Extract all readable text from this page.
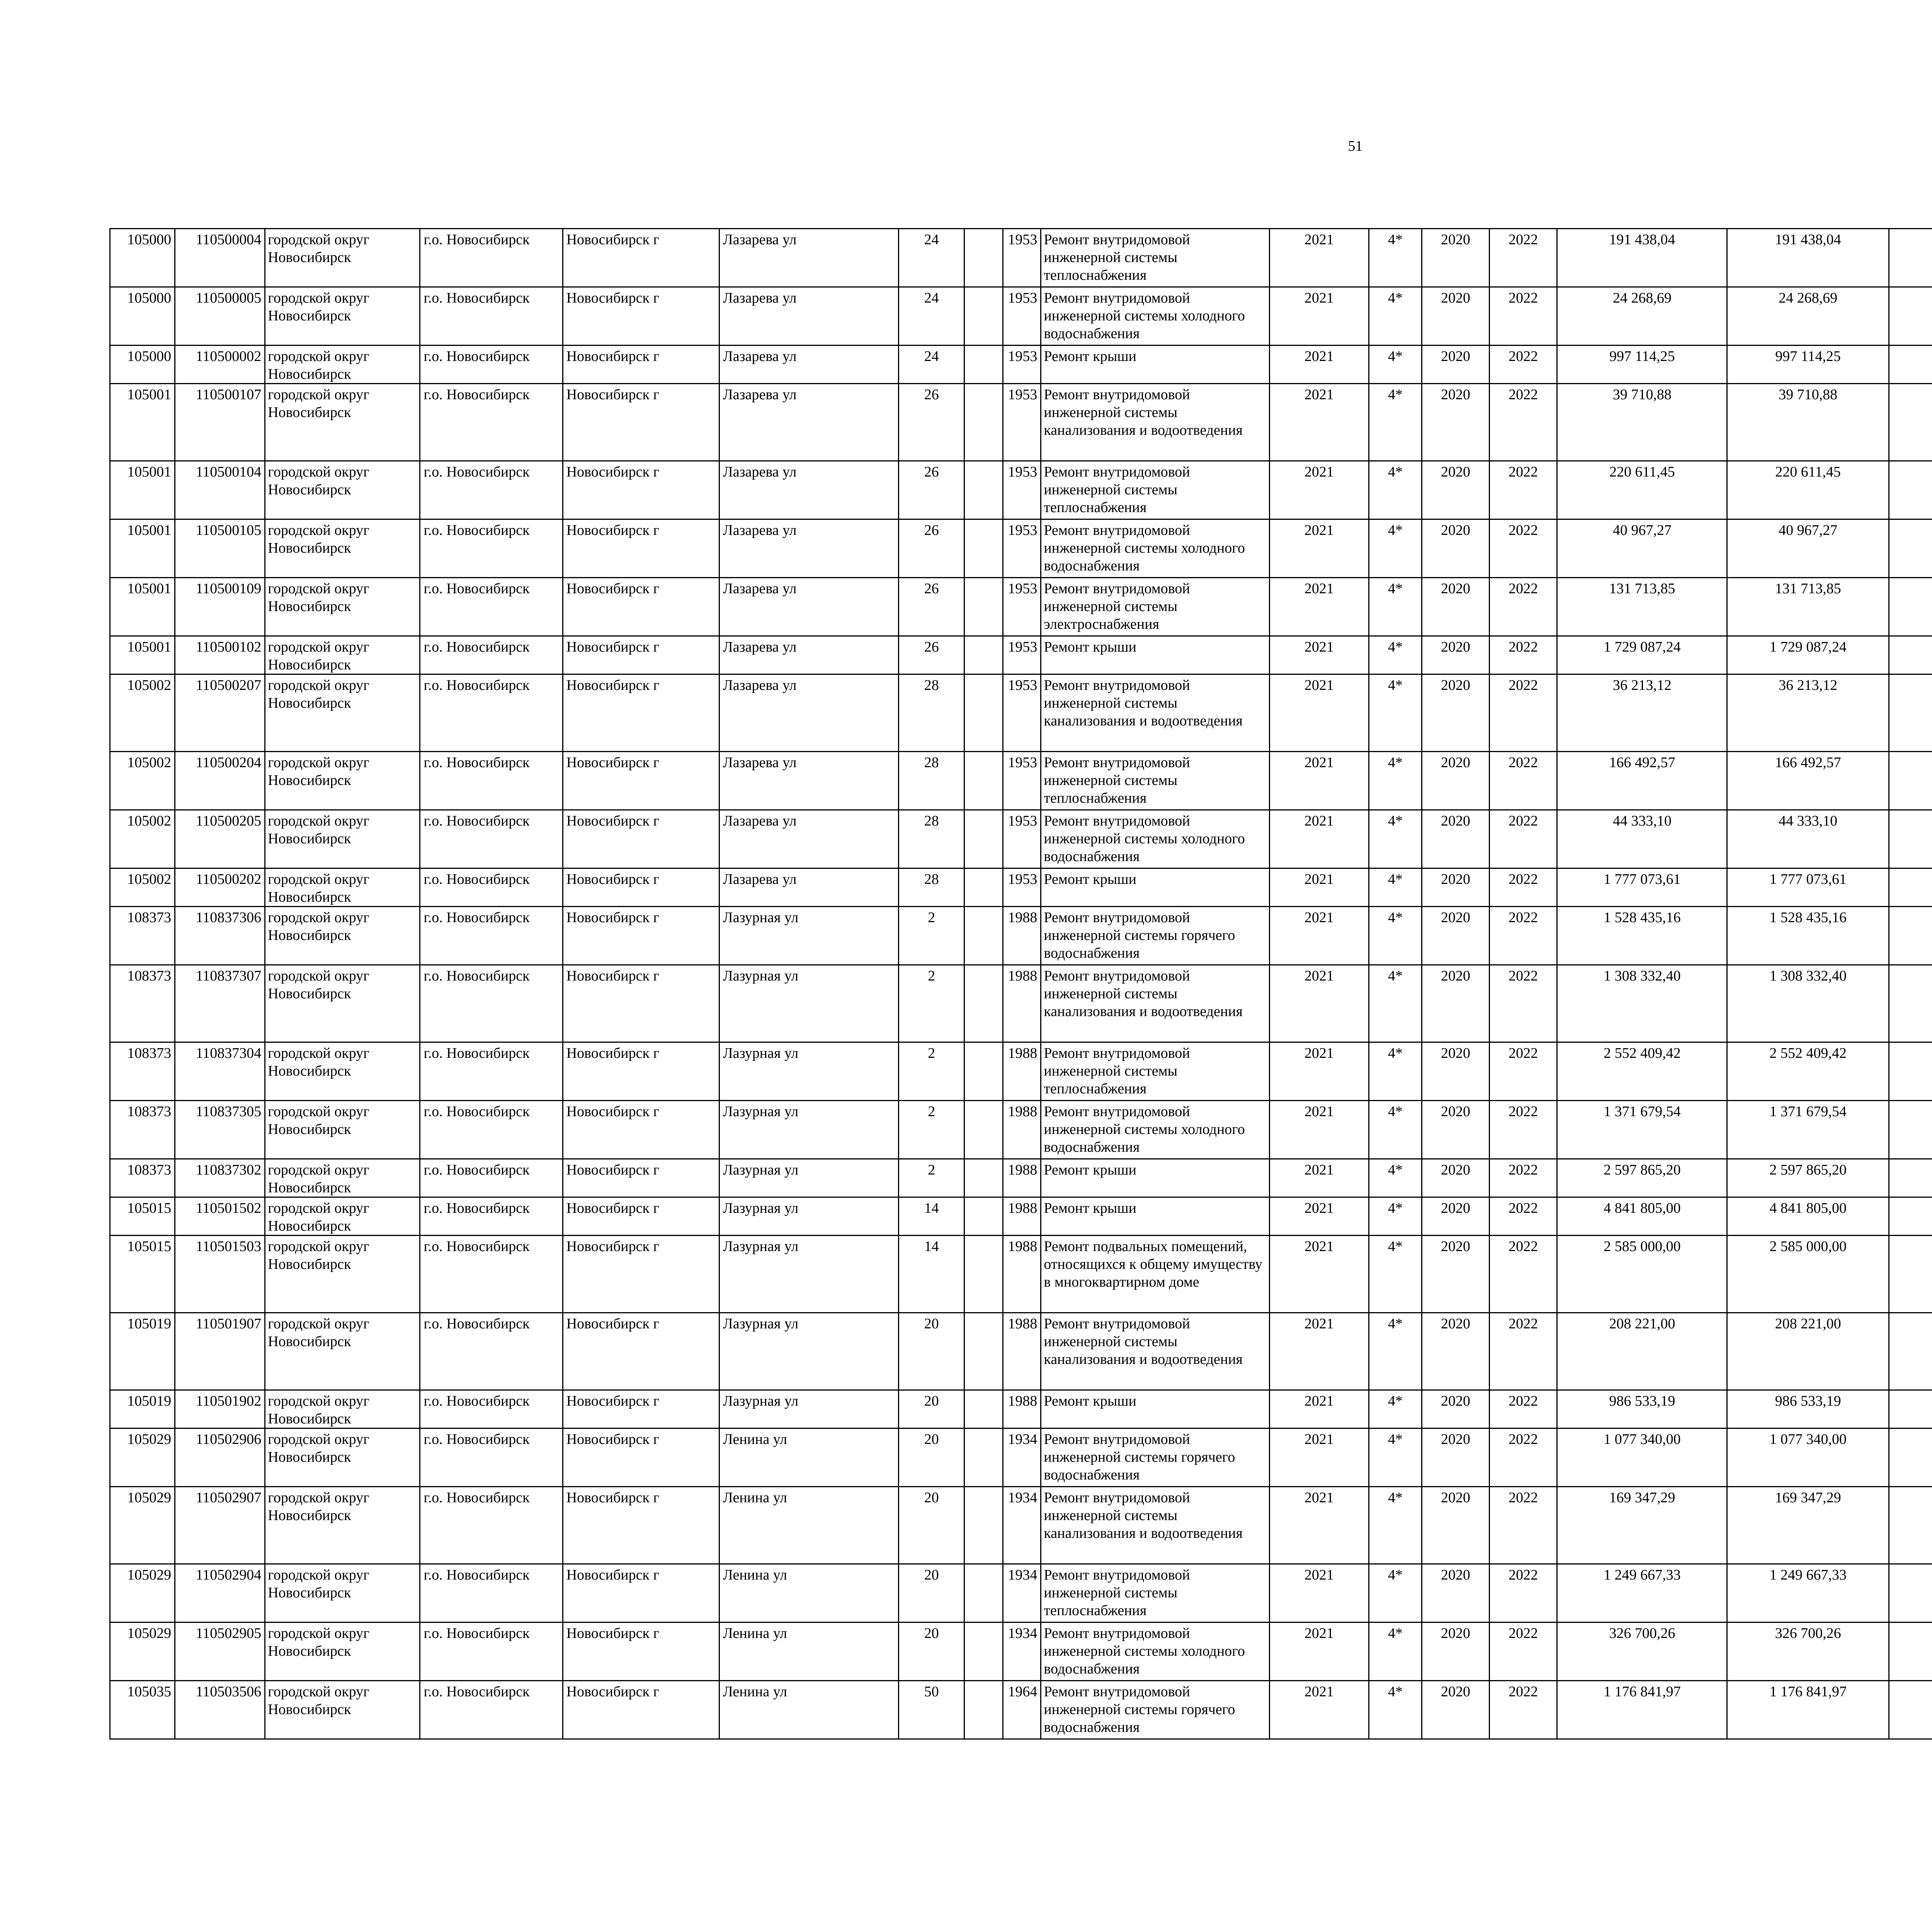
51
105000	110500004	городской округ Новосибирск	г.о. Новосибирск	Новосибирск г	Лазарева ул	24		1953	Ремонт внутридомовой инженерной системы теплоснабжения	2021	4*	2020	2022	191 438,04	191 438,04						
105000	110500005	городской округ Новосибирск	г.о. Новосибирск	Новосибирск г	Лазарева ул	24		1953	Ремонт внутридомовой инженерной системы холодного водоснабжения	2021	4*	2020	2022	24 268,69	24 268,69						
105000	110500002	городской округ Новосибирск	г.о. Новосибирск	Новосибирск г	Лазарева ул	24		1953	Ремонт крыши	2021	4*	2020	2022	997 114,25	997 114,25						
105001	110500107	городской округ Новосибирск	г.о. Новосибирск	Новосибирск г	Лазарева ул	26		1953	Ремонт внутридомовой инженерной системы канализования и водоотведения	2021	4*	2020	2022	39 710,88	39 710,88						
105001	110500104	городской округ Новосибирск	г.о. Новосибирск	Новосибирск г	Лазарева ул	26		1953	Ремонт внутридомовой инженерной системы теплоснабжения	2021	4*	2020	2022	220 611,45	220 611,45						
105001	110500105	городской округ Новосибирск	г.о. Новосибирск	Новосибирск г	Лазарева ул	26		1953	Ремонт внутридомовой инженерной системы холодного водоснабжения	2021	4*	2020	2022	40 967,27	40 967,27						
105001	110500109	городской округ Новосибирск	г.о. Новосибирск	Новосибирск г	Лазарева ул	26		1953	Ремонт внутридомовой инженерной системы электроснабжения	2021	4*	2020	2022	131 713,85	131 713,85						
105001	110500102	городской округ Новосибирск	г.о. Новосибирск	Новосибирск г	Лазарева ул	26		1953	Ремонт крыши	2021	4*	2020	2022	1 729 087,24	1 729 087,24						
105002	110500207	городской округ Новосибирск	г.о. Новосибирск	Новосибирск г	Лазарева ул	28		1953	Ремонт внутридомовой инженерной системы канализования и водоотведения	2021	4*	2020	2022	36 213,12	36 213,12						
105002	110500204	городской округ Новосибирск	г.о. Новосибирск	Новосибирск г	Лазарева ул	28		1953	Ремонт внутридомовой инженерной системы теплоснабжения	2021	4*	2020	2022	166 492,57	166 492,57						
105002	110500205	городской округ Новосибирск	г.о. Новосибирск	Новосибирск г	Лазарева ул	28		1953	Ремонт внутридомовой инженерной системы холодного водоснабжения	2021	4*	2020	2022	44 333,10	44 333,10						
105002	110500202	городской округ Новосибирск	г.о. Новосибирск	Новосибирск г	Лазарева ул	28		1953	Ремонт крыши	2021	4*	2020	2022	1 777 073,61	1 777 073,61						
108373	110837306	городской округ Новосибирск	г.о. Новосибирск	Новосибирск г	Лазурная ул	2		1988	Ремонт внутридомовой инженерной системы горячего водоснабжения	2021	4*	2020	2022	1 528 435,16	1 528 435,16						
108373	110837307	городской округ Новосибирск	г.о. Новосибирск	Новосибирск г	Лазурная ул	2		1988	Ремонт внутридомовой инженерной системы канализования и водоотведения	2021	4*	2020	2022	1 308 332,40	1 308 332,40						
108373	110837304	городской округ Новосибирск	г.о. Новосибирск	Новосибирск г	Лазурная ул	2		1988	Ремонт внутридомовой инженерной системы теплоснабжения	2021	4*	2020	2022	2 552 409,42	2 552 409,42						
108373	110837305	городской округ Новосибирск	г.о. Новосибирск	Новосибирск г	Лазурная ул	2		1988	Ремонт внутридомовой инженерной системы холодного водоснабжения	2021	4*	2020	2022	1 371 679,54	1 371 679,54						
108373	110837302	городской округ Новосибирск	г.о. Новосибирск	Новосибирск г	Лазурная ул	2		1988	Ремонт крыши	2021	4*	2020	2022	2 597 865,20	2 597 865,20						
105015	110501502	городской округ Новосибирск	г.о. Новосибирск	Новосибирск г	Лазурная ул	14		1988	Ремонт крыши	2021	4*	2020	2022	4 841 805,00	4 841 805,00						
105015	110501503	городской округ Новосибирск	г.о. Новосибирск	Новосибирск г	Лазурная ул	14		1988	Ремонт подвальных помещений, относящихся к общему имуществу в многоквартирном доме	2021	4*	2020	2022	2 585 000,00	2 585 000,00						
105019	110501907	городской округ Новосибирск	г.о. Новосибирск	Новосибирск г	Лазурная ул	20		1988	Ремонт внутридомовой инженерной системы канализования и водоотведения	2021	4*	2020	2022	208 221,00	208 221,00						
105019	110501902	городской округ Новосибирск	г.о. Новосибирск	Новосибирск г	Лазурная ул	20		1988	Ремонт крыши	2021	4*	2020	2022	986 533,19	986 533,19						
105029	110502906	городской округ Новосибирск	г.о. Новосибирск	Новосибирск г	Ленина ул	20		1934	Ремонт внутридомовой инженерной системы горячего водоснабжения	2021	4*	2020	2022	1 077 340,00	1 077 340,00						
105029	110502907	городской округ Новосибирск	г.о. Новосибирск	Новосибирск г	Ленина ул	20		1934	Ремонт внутридомовой инженерной системы канализования и водоотведения	2021	4*	2020	2022	169 347,29	169 347,29						
105029	110502904	городской округ Новосибирск	г.о. Новосибирск	Новосибирск г	Ленина ул	20		1934	Ремонт внутридомовой инженерной системы теплоснабжения	2021	4*	2020	2022	1 249 667,33	1 249 667,33						
105029	110502905	городской округ Новосибирск	г.о. Новосибирск	Новосибирск г	Ленина ул	20		1934	Ремонт внутридомовой инженерной системы холодного водоснабжения	2021	4*	2020	2022	326 700,26	326 700,26						
105035	110503506	городской округ Новосибирск	г.о. Новосибирск	Новосибирск г	Ленина ул	50		1964	Ремонт внутридомовой инженерной системы горячего водоснабжения	2021	4*	2020	2022	1 176 841,97	1 176 841,97						
